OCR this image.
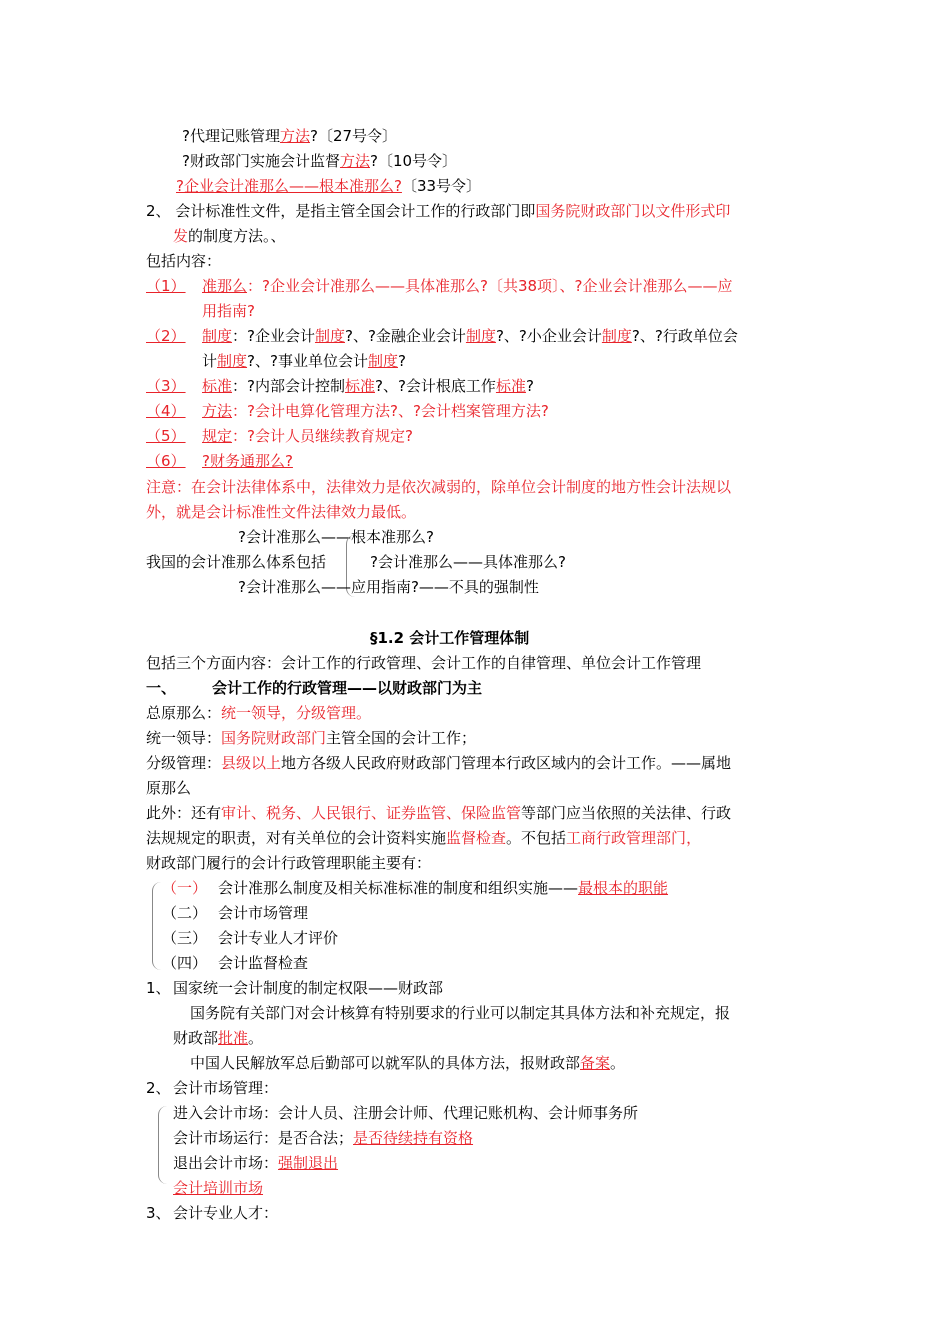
?代理记账管理方法?〔27号令〕
?财政部门实施会计监督方法?〔10号令〕
?企业会计准那么——根本准那么?〔33号令〕
2、 会计标准性文件，是指主管全国会计工作的行政部门即国务院财政部门以文件形式印
发的制度方法。、
包括内容：
（1） 准那么：?企业会计准那么——具体准那么?〔共38项〕、?企业会计准那么——应
用指南?
（2） 制度：?企业会计制度?、?金融企业会计制度?、?小企业会计制度?、?行政单位会
计制度?、?事业单位会计制度?
（3） 标准：?内部会计控制标准?、?会计根底工作标准?
（4） 方法：?会计电算化管理方法?、?会计档案管理方法?
（5） 规定：?会计人员继续教育规定?
（6） ?财务通那么?
注意：在会计法律体系中，法律效力是依次减弱的，除单位会计制度的地方性会计法规以
外，就是会计标准性文件法律效力最低。
?会计准那么——根本准那么?
我国的会计准那么体系包括	?会计准那么——具体准那么?
?会计准那么——应用指南?——不具的强制性
§1.2 会计工作管理体制
包括三个方面内容：会计工作的行政管理、会计工作的自律管理、单位会计工作管理
一、 会计工作的行政管理——以财政部门为主
总原那么：统一领导，分级管理。
统一领导：国务院财政部门主管全国的会计工作；
分级管理：县级以上地方各级人民政府财政部门管理本行政区域内的会计工作。——属地
原那么
此外：还有审计、税务、人民银行、证券监管、保险监管等部门应当依照的关法律、行政
法规规定的职责，对有关单位的会计资料实施监督检查。不包括工商行政管理部门，
财政部门履行的会计行政管理职能主要有：
（一） 会计准那么制度及相关标准标准的制度和组织实施——最根本的职能
（二） 会计市场管理
（三） 会计专业人才评价
（四） 会计监督检查
1、 国家统一会计制度的制定权限——财政部
国务院有关部门对会计核算有特别要求的行业可以制定其具体方法和补充规定，报
财政部批准。
中国人民解放军总后勤部可以就军队的具体方法，报财政部备案。
2、 会计市场管理：
进入会计市场：会计人员、注册会计师、代理记账机构、会计师事务所
会计市场运行：是否合法；是否待续持有资格
退出会计市场：强制退出
会计培训市场
3、 会计专业人才：
